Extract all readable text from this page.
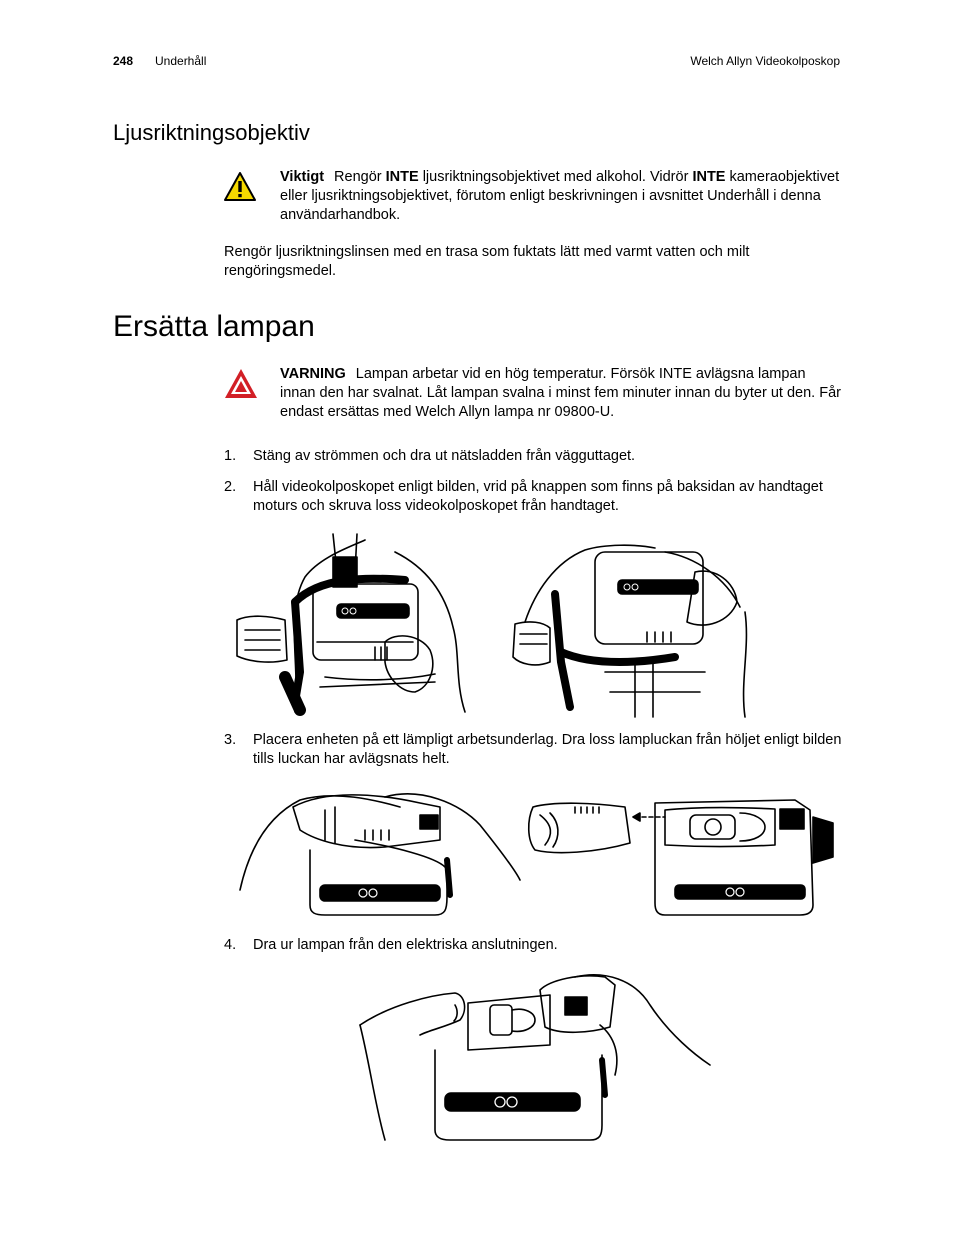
248 Underhåll	Welch Allyn Videokolposkop
Ljusriktningsobjektiv
Viktigt Rengör INTE ljusriktningsobjektivet med alkohol. Vidrör INTE kameraobjektivet eller ljusriktningsobjektivet, förutom enligt beskrivningen i avsnittet Underhåll i denna användarhandbok.
Rengör ljusriktningslinsen med en trasa som fuktats lätt med varmt vatten och milt rengöringsmedel.
Ersätta lampan
VARNING Lampan arbetar vid en hög temperatur. Försök INTE avlägsna lampan innan den har svalnat. Låt lampan svalna i minst fem minuter innan du byter ut den. Får endast ersättas med Welch Allyn lampa nr 09800-U.
1.	Stäng av strömmen och dra ut nätsladden från vägguttaget.
2.	Håll videokolposkopet enligt bilden, vrid på knappen som finns på baksidan av handtaget moturs och skruva loss videokolposkopet från handtaget.
3.	Placera enheten på ett lämpligt arbetsunderlag. Dra loss lampluckan från höljet enligt bilden tills luckan har avlägsnats helt.
4.	Dra ur lampan från den elektriska anslutningen.
